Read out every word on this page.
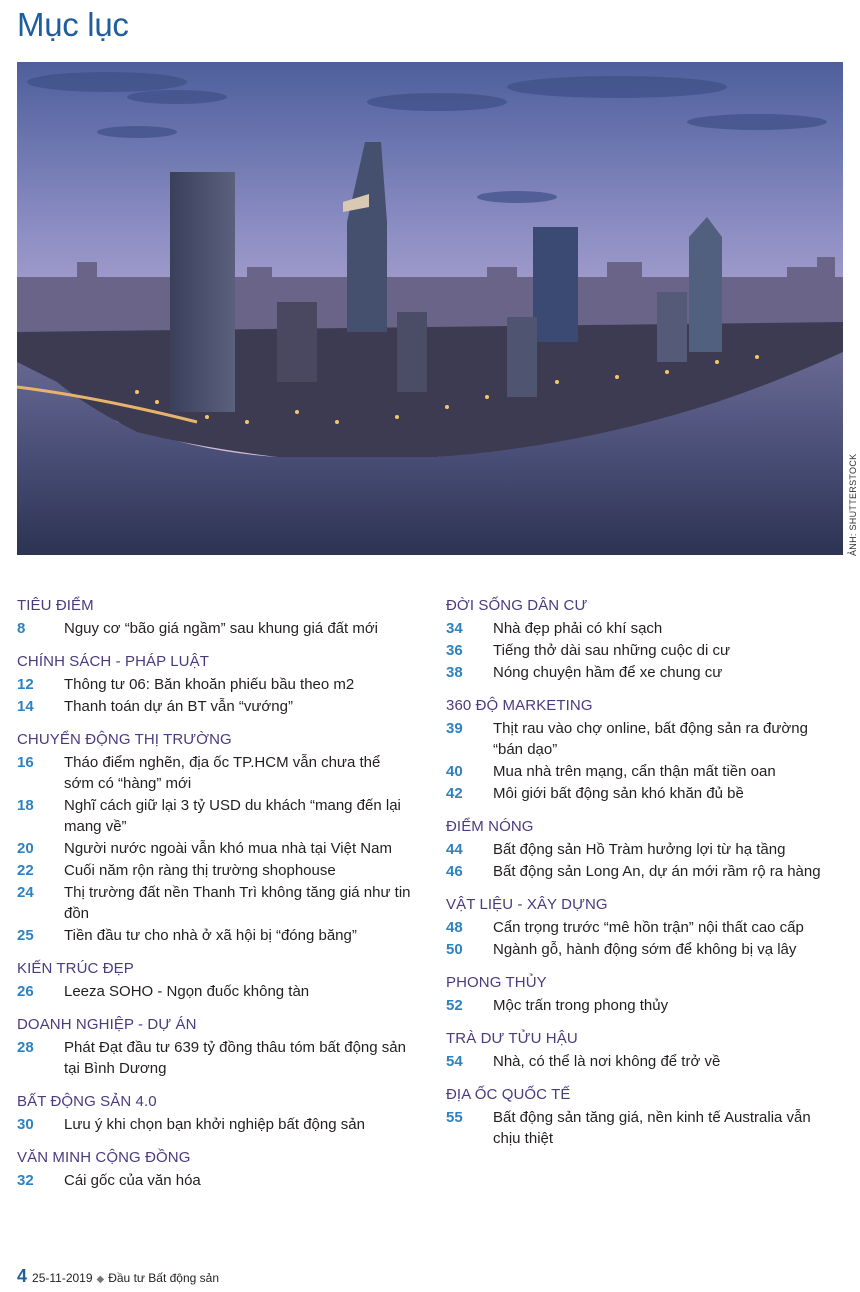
Mục lục
ẢNH: SHUTTERSTOCK
TIÊU ĐIỂM
8	Nguy cơ “bão giá ngầm” sau khung giá đất mới
CHÍNH SÁCH - PHÁP LUẬT
12	Thông tư 06: Băn khoăn phiếu bầu theo m2
14	Thanh toán dự án BT vẫn “vướng”
CHUYỂN ĐỘNG THỊ TRƯỜNG
16	Tháo điểm nghẽn, địa ốc TP.HCM vẫn chưa thể sớm có “hàng” mới
18	Nghĩ cách giữ lại 3 tỷ USD du khách “mang đến lại mang về”
20	Người nước ngoài vẫn khó mua nhà tại Việt Nam
22	Cuối năm rộn ràng thị trường shophouse
24	Thị trường đất nền Thanh Trì không tăng giá như tin đồn
25	Tiền đầu tư cho nhà ở xã hội bị “đóng băng”
KIẾN TRÚC ĐẸP
26	Leeza SOHO - Ngọn đuốc không tàn
DOANH NGHIỆP - DỰ ÁN
28	Phát Đạt đầu tư 639 tỷ đồng thâu tóm bất động sản tại Bình Dương
BẤT ĐỘNG SẢN 4.0
30	Lưu ý khi chọn bạn khởi nghiệp bất động sản
VĂN MINH CỘNG ĐỒNG
32	Cái gốc của văn hóa
ĐỜI SỐNG DÂN CƯ
34	Nhà đẹp phải có khí sạch
36	Tiếng thở dài sau những cuộc di cư
38	Nóng chuyện hầm để xe chung cư
360 ĐỘ MARKETING
39	Thịt rau vào chợ online, bất động sản ra đường “bán dạo”
40	Mua nhà trên mạng, cẩn thận mất tiền oan
42	Môi giới bất động sản khó khăn đủ bề
ĐIỂM NÓNG
44	Bất động sản Hồ Tràm hưởng lợi từ hạ tầng
46	Bất động sản Long An, dự án mới rầm rộ ra hàng
VẬT LIỆU - XÂY DỰNG
48	Cẩn trọng trước “mê hồn trận” nội thất cao cấp
50	Ngành gỗ, hành động sớm để không bị vạ lây
PHONG THỦY
52	Mộc trấn trong phong thủy
TRÀ DƯ TỬU HẬU
54	Nhà, có thể là nơi không để trở về
ĐỊA ỐC QUỐC TẾ
55	Bất động sản tăng giá, nền kinh tế Australia vẫn chịu thiệt
4 25-11-2019 ◆ Đầu tư Bất động sản
